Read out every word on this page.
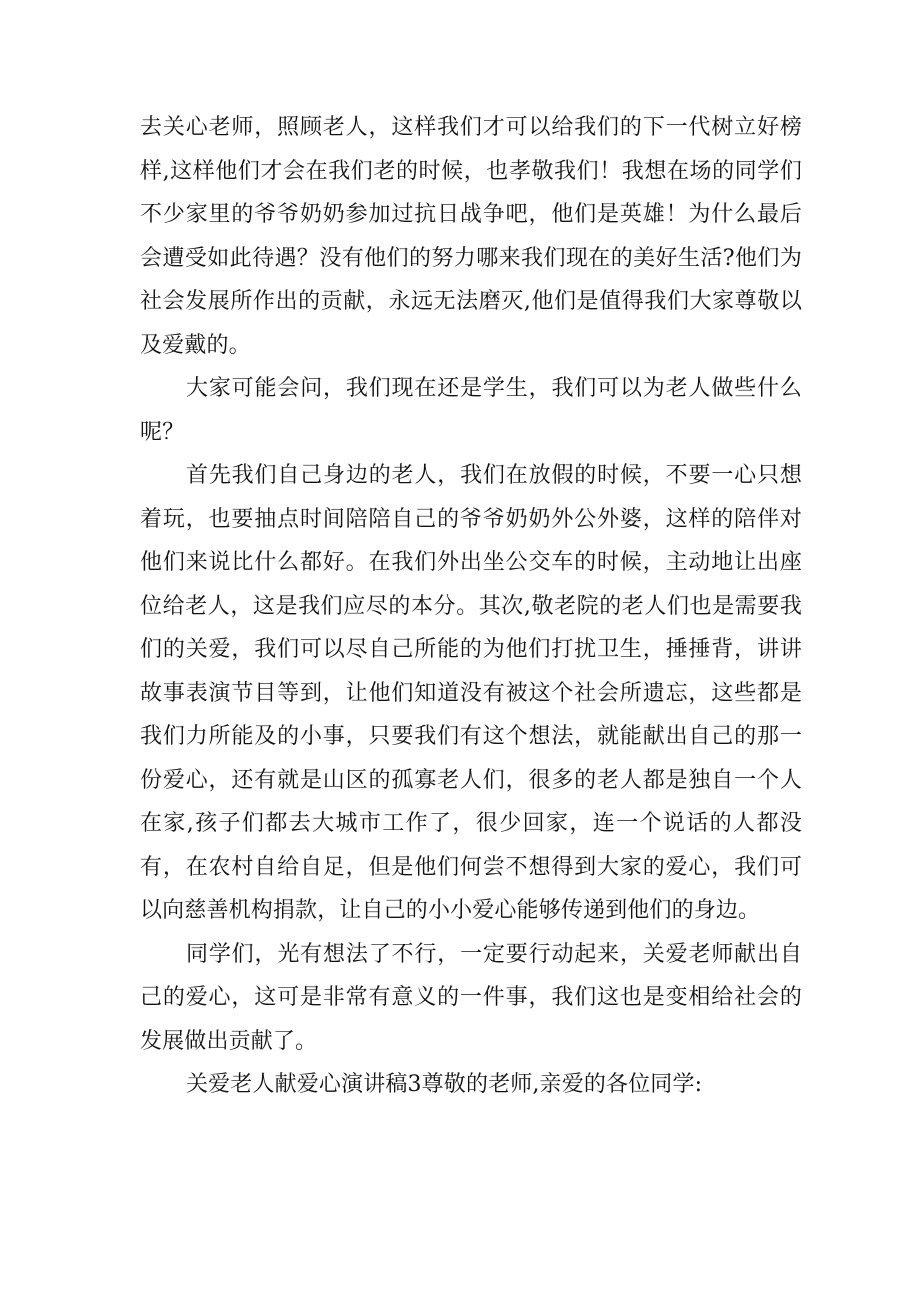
去关心老师，照顾老人，这样我们才可以给我们的下一代树立好榜样,这样他们才会在我们老的时候，也孝敬我们！我想在场的同学们不少家里的爷爷奶奶参加过抗日战争吧，他们是英雄！为什么最后会遭受如此待遇？没有他们的努力哪来我们现在的美好生活?他们为社会发展所作出的贡献，永远无法磨灭,他们是值得我们大家尊敬以及爱戴的。

大家可能会问，我们现在还是学生，我们可以为老人做些什么呢？

首先我们自己身边的老人，我们在放假的时候，不要一心只想着玩，也要抽点时间陪陪自己的爷爷奶奶外公外婆，这样的陪伴对他们来说比什么都好。在我们外出坐公交车的时候，主动地让出座位给老人，这是我们应尽的本分。其次,敬老院的老人们也是需要我们的关爱，我们可以尽自己所能的为他们打扰卫生，捶捶背，讲讲故事表演节目等到，让他们知道没有被这个社会所遗忘，这些都是我们力所能及的小事，只要我们有这个想法，就能献出自己的那一份爱心，还有就是山区的孤寡老人们，很多的老人都是独自一个人在家,孩子们都去大城市工作了，很少回家，连一个说话的人都没有，在农村自给自足，但是他们何尝不想得到大家的爱心，我们可以向慈善机构捐款，让自己的小小爱心能够传递到他们的身边。

同学们，光有想法了不行，一定要行动起来，关爱老师献出自己的爱心，这可是非常有意义的一件事，我们这也是变相给社会的发展做出贡献了。

关爱老人献爱心演讲稿3尊敬的老师,亲爱的各位同学:
